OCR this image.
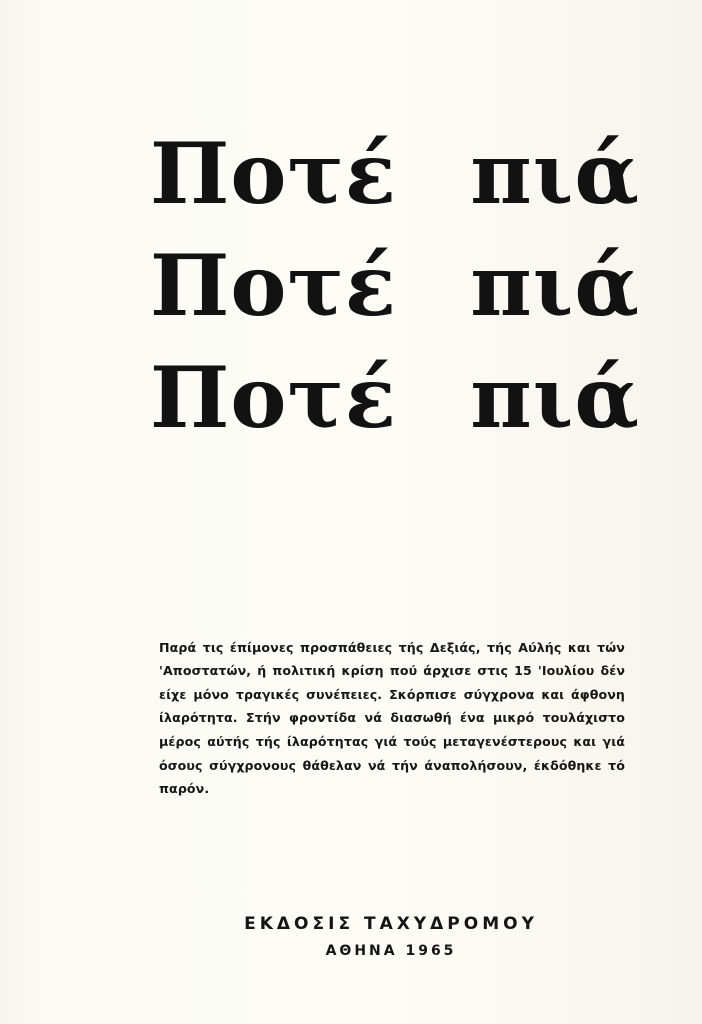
Ποτέ πιά
Ποτέ πιά
Ποτέ πιά

Παρά τις έπίμονες προσπάθειες τής Δεξιάς, τής Αύλής και τών 'Αποστατών, ή πολιτική κρίση πού άρχισε στις 15 'Ιουλίου δέν είχε μόνο τραγικές συνέπειες. Σκόρπισε σύγχρονα και άφθονη ίλαρότητα. Στήν φροντίδα νά διασωθή ένα μικρό τουλάχιστο μέρος αύτής τής ίλαρότητας γιά τούς μεταγενέστερους και γιά όσους σύγχρονους θάθελαν νά τήν άναπολήσουν, έκδόθηκε τό παρόν.

ΕΚΔΟΣΙΣ ΤΑΧΥΔΡΟΜΟΥ
ΑΘΗΝΑ 1965
